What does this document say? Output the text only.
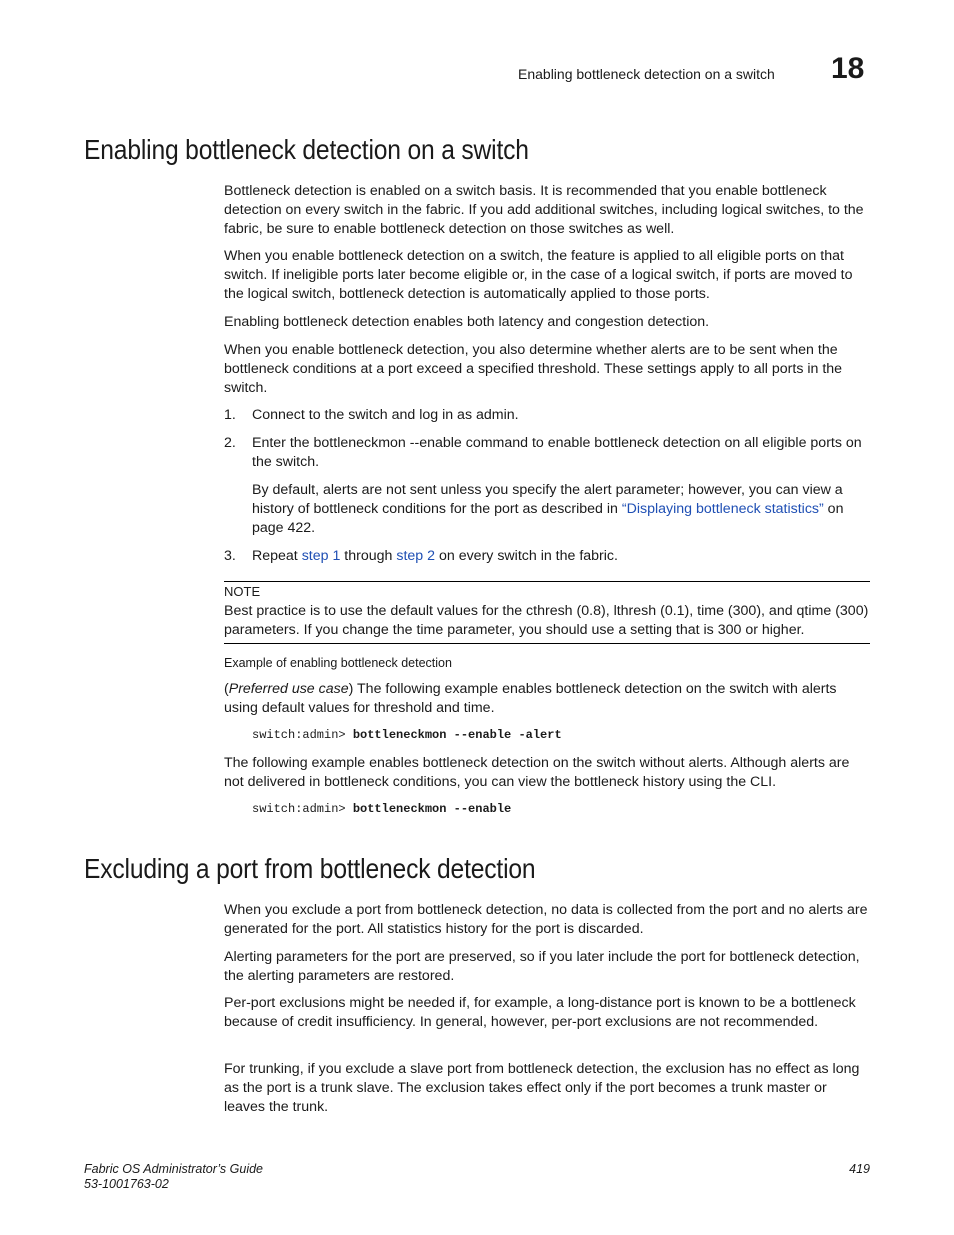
Enabling bottleneck detection on a switch 18
Enabling bottleneck detection on a switch

Bottleneck detection is enabled on a switch basis. It is recommended that you enable bottleneck detection on every switch in the fabric. If you add additional switches, including logical switches, to the fabric, be sure to enable bottleneck detection on those switches as well.

When you enable bottleneck detection on a switch, the feature is applied to all eligible ports on that switch. If ineligible ports later become eligible or, in the case of a logical switch, if ports are moved to the logical switch, bottleneck detection is automatically applied to those ports.

Enabling bottleneck detection enables both latency and congestion detection.

When you enable bottleneck detection, you also determine whether alerts are to be sent when the bottleneck conditions at a port exceed a specified threshold. These settings apply to all ports in the switch.

1. Connect to the switch and log in as admin.

2. Enter the bottleneckmon --enable command to enable bottleneck detection on all eligible ports on the switch.

By default, alerts are not sent unless you specify the alert parameter; however, you can view a history of bottleneck conditions for the port as described in “Displaying bottleneck statistics” on page 422.

3. Repeat step 1 through step 2 on every switch in the fabric.

NOTE

Best practice is to use the default values for the cthresh (0.8), lthresh (0.1), time (300), and qtime (300) parameters. If you change the time parameter, you should use a setting that is 300 or higher.

Example of enabling bottleneck detection

(Preferred use case) The following example enables bottleneck detection on the switch with alerts using default values for threshold and time.

switch:admin> bottleneckmon --enable -alert

The following example enables bottleneck detection on the switch without alerts. Although alerts are not delivered in bottleneck conditions, you can view the bottleneck history using the CLI.

switch:admin> bottleneckmon --enable
Excluding a port from bottleneck detection

When you exclude a port from bottleneck detection, no data is collected from the port and no alerts are generated for the port. All statistics history for the port is discarded.

Alerting parameters for the port are preserved, so if you later include the port for bottleneck detection, the alerting parameters are restored.

Per-port exclusions might be needed if, for example, a long-distance port is known to be a bottleneck because of credit insufficiency. In general, however, per-port exclusions are not recommended.

For trunking, if you exclude a slave port from bottleneck detection, the exclusion has no effect as long as the port is a trunk slave. The exclusion takes effect only if the port becomes a trunk master or leaves the trunk.

Fabric OS Administrator’s Guide
53-1001763-02
419
